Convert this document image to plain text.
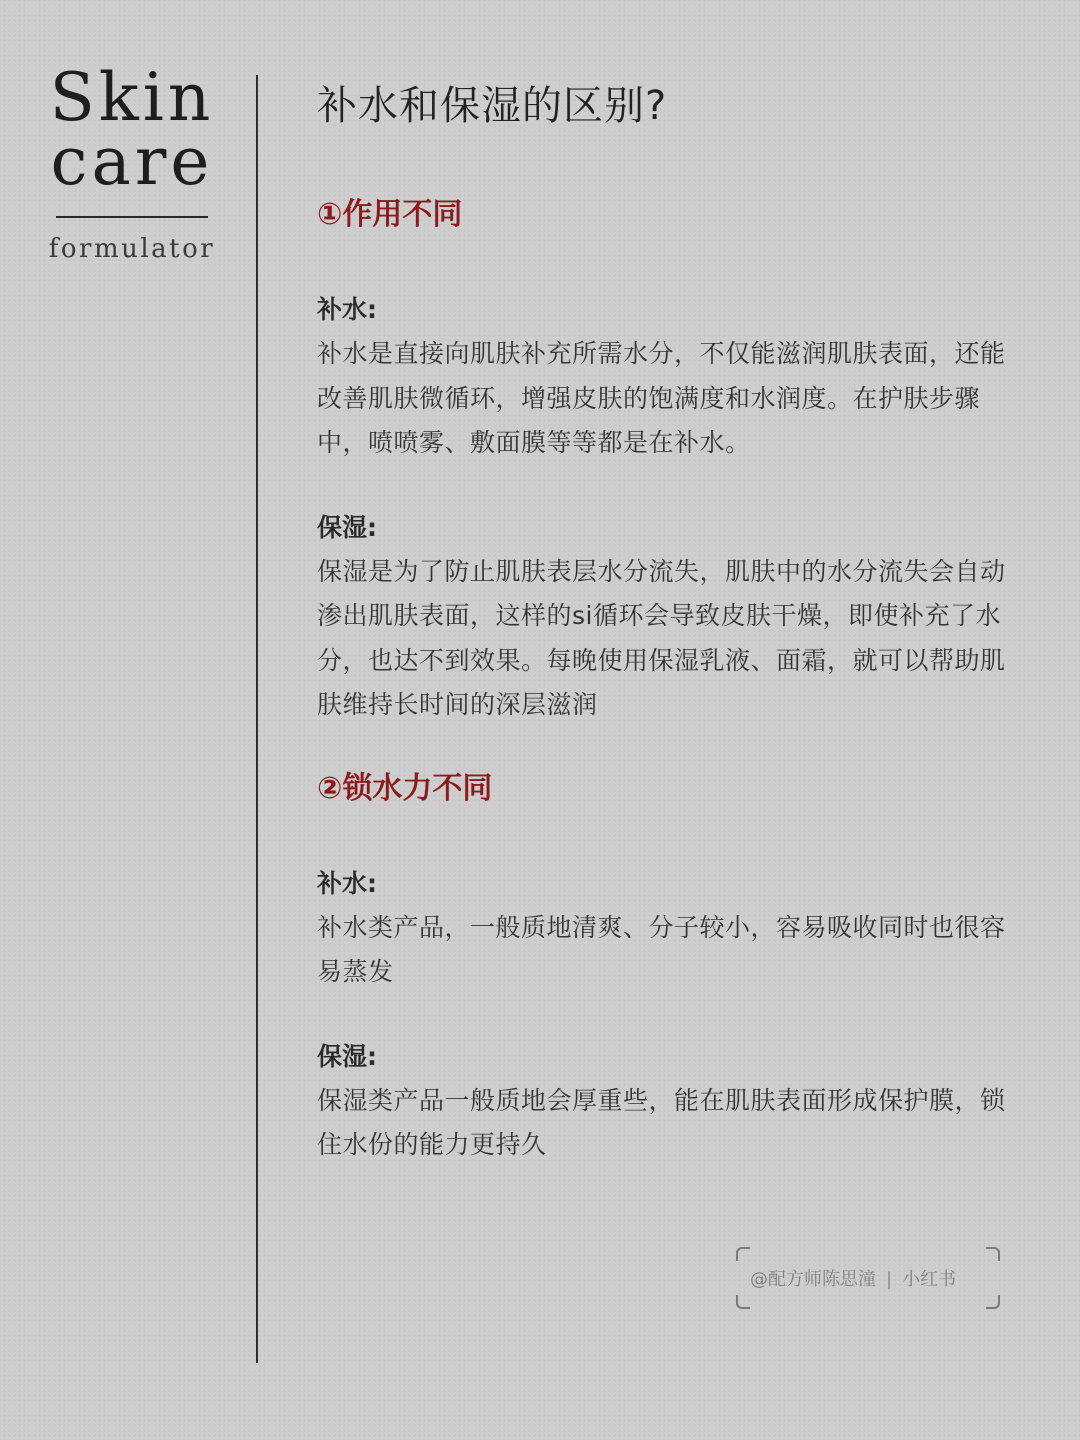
Skin
care
formulator
补水和保湿的区别?
①作用不同
补水:
补水是直接向肌肤补充所需水分，不仅能滋润肌肤表面，还能改善肌肤微循环，增强皮肤的饱满度和水润度。在护肤步骤中，喷喷雾、敷面膜等等都是在补水。
保湿:
保湿是为了防止肌肤表层水分流失，肌肤中的水分流失会自动渗出肌肤表面，这样的si循环会导致皮肤干燥，即使补充了水分，也达不到效果。每晚使用保湿乳液、面霜，就可以帮助肌肤维持长时间的深层滋润
②锁水力不同
补水:
补水类产品，一般质地清爽、分子较小，容易吸收同时也很容易蒸发
保湿:
保湿类产品一般质地会厚重些，能在肌肤表面形成保护膜，锁住水份的能力更持久
@配方师陈思潼 | 小红书
